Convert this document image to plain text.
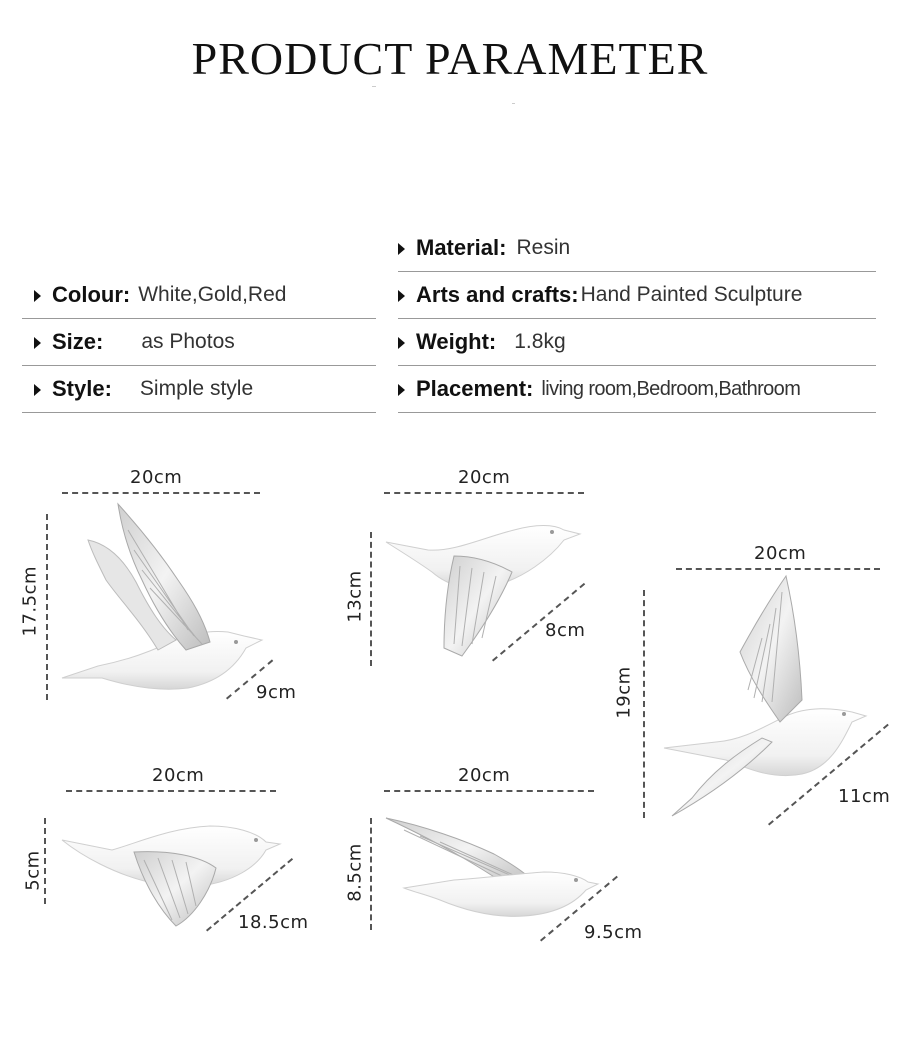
PRODUCT PARAMETER
Material: Resin
Colour: White,Gold,Red	Arts and crafts: Hand Painted Sculpture
Size: as Photos	Weight: 1.8kg
Style: Simple style	Placement: living room,Bedroom,Bathroom
20cm
17.5cm
9cm
20cm
13cm
8cm
20cm
19cm
11cm
20cm
5cm
18.5cm
20cm
8.5cm
9.5cm
